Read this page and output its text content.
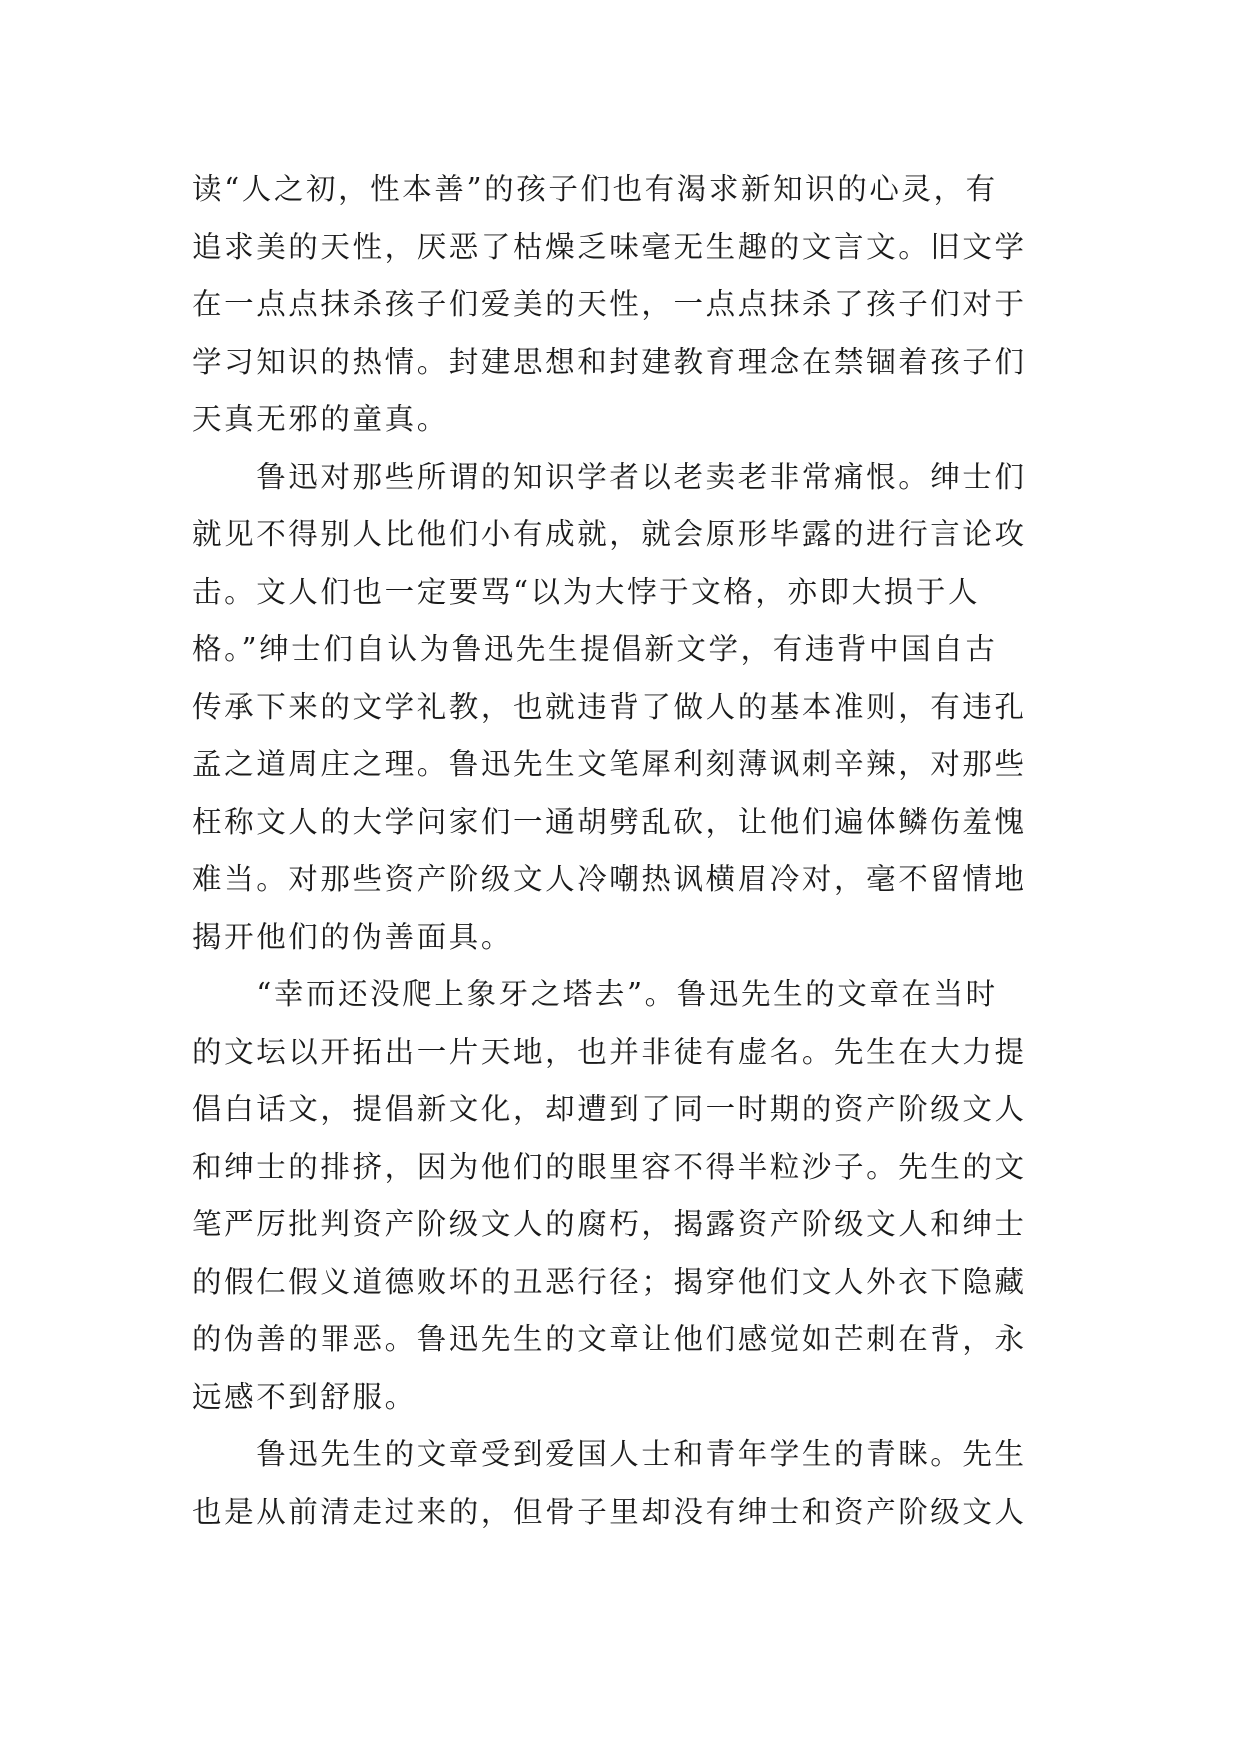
读“人之初，性本善”的孩子们也有渴求新知识的心灵，有
追求美的天性，厌恶了枯燥乏味毫无生趣的文言文。旧文学
在一点点抹杀孩子们爱美的天性，一点点抹杀了孩子们对于
学习知识的热情。封建思想和封建教育理念在禁锢着孩子们
天真无邪的童真。
　　鲁迅对那些所谓的知识学者以老卖老非常痛恨。绅士们
就见不得别人比他们小有成就，就会原形毕露的进行言论攻
击。文人们也一定要骂“以为大悖于文格，亦即大损于人
格。”绅士们自认为鲁迅先生提倡新文学，有违背中国自古
传承下来的文学礼教，也就违背了做人的基本准则，有违孔
孟之道周庄之理。鲁迅先生文笔犀利刻薄讽刺辛辣，对那些
枉称文人的大学问家们一通胡劈乱砍，让他们遍体鳞伤羞愧
难当。对那些资产阶级文人冷嘲热讽横眉冷对，毫不留情地
揭开他们的伪善面具。
　　“幸而还没爬上象牙之塔去”。鲁迅先生的文章在当时
的文坛以开拓出一片天地，也并非徒有虚名。先生在大力提
倡白话文，提倡新文化，却遭到了同一时期的资产阶级文人
和绅士的排挤，因为他们的眼里容不得半粒沙子。先生的文
笔严厉批判资产阶级文人的腐朽，揭露资产阶级文人和绅士
的假仁假义道德败坏的丑恶行径；揭穿他们文人外衣下隐藏
的伪善的罪恶。鲁迅先生的文章让他们感觉如芒刺在背，永
远感不到舒服。
　　鲁迅先生的文章受到爱国人士和青年学生的青睐。先生
也是从前清走过来的，但骨子里却没有绅士和资产阶级文人
